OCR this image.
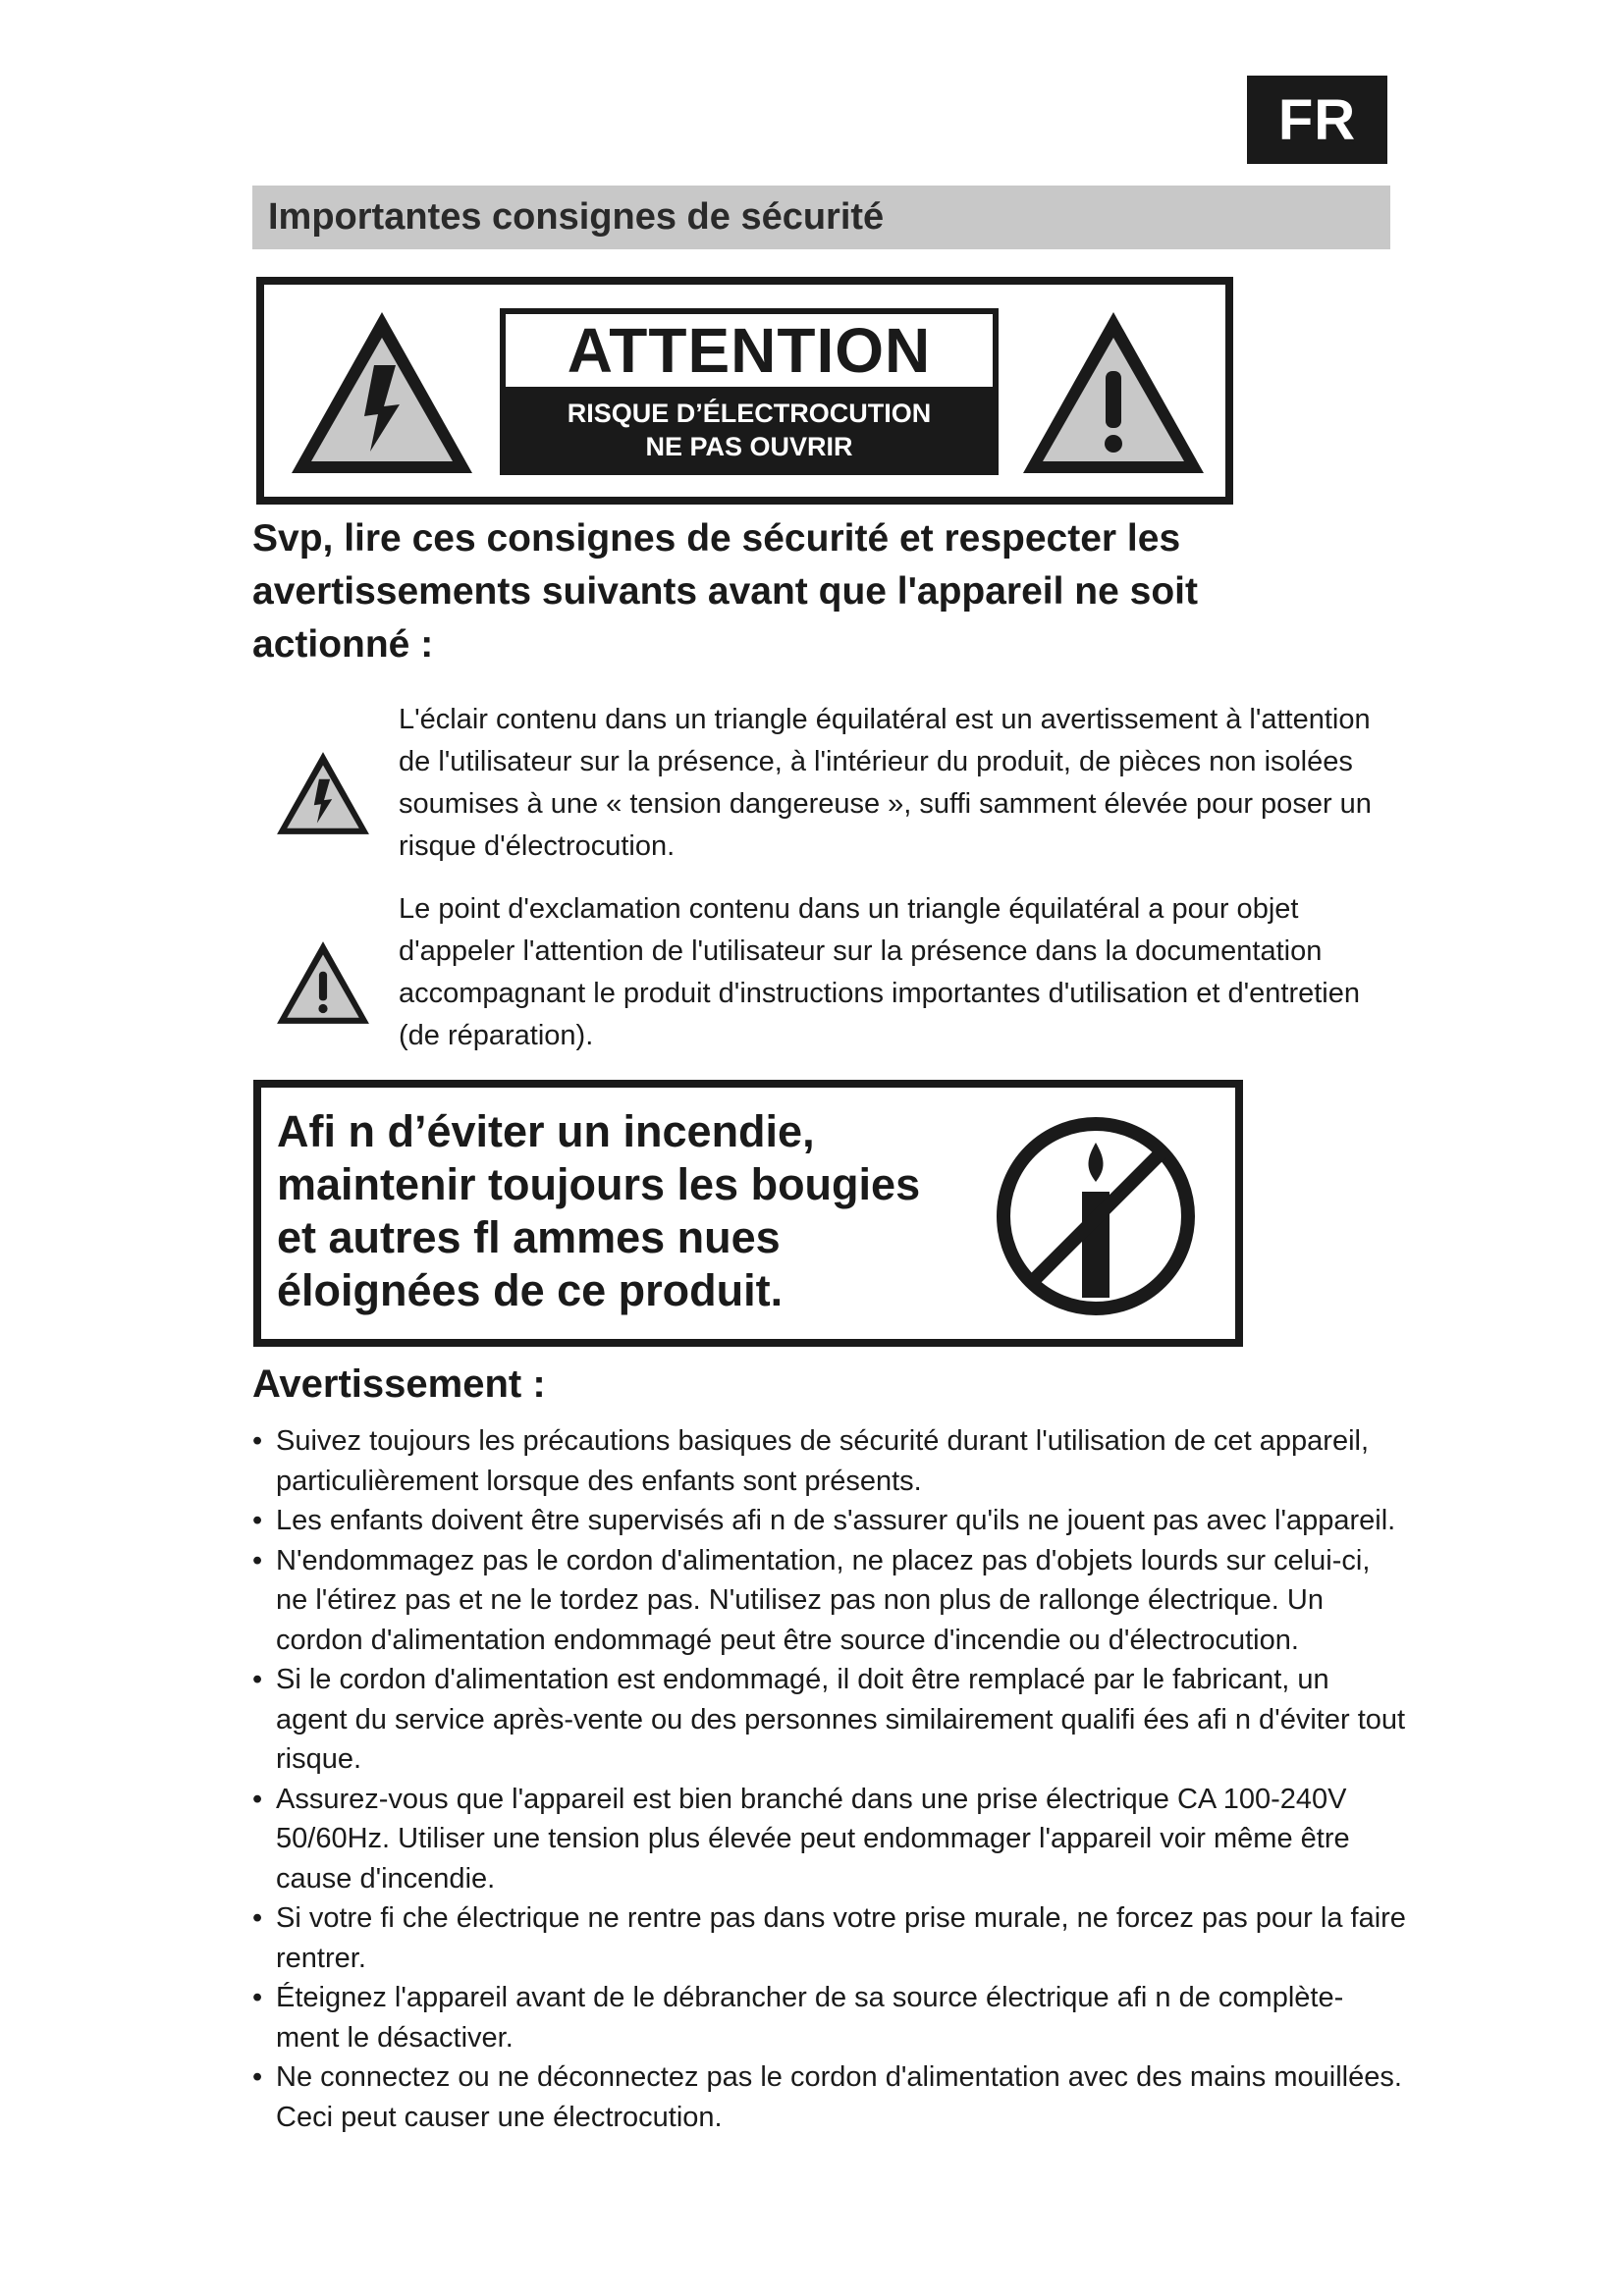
FR
Importantes consignes de sécurité
ATTENTION
RISQUE D’ÉLECTROCUTION
NE PAS OUVRIR

Svp, lire ces consignes de sécurité et respecter les avertissements suivants avant que l'appareil ne soit actionné :

L'éclair contenu dans un triangle équilatéral est un avertissement à l'attention de l'utilisateur sur la présence, à l'intérieur du produit, de pièces non isolées soumises à une « tension dangereuse », suffi samment élevée pour poser un risque d'électrocution.

Le point d'exclamation contenu dans un triangle équilatéral a pour objet d'appeler l'attention de l'utilisateur sur la présence dans la documentation accompagnant le produit d'instructions importantes d'utilisation et d'entretien (de réparation).

Afi n d’éviter un incendie, maintenir toujours les bougies et autres fl ammes nues éloignées de ce produit.

Avertissement :
• Suivez toujours les précautions basiques de sécurité durant l'utilisation de cet appareil, particulièrement lorsque des enfants sont présents.
• Les enfants doivent être supervisés afi n de s'assurer qu'ils ne jouent pas avec l'appareil.
• N'endommagez pas le cordon d'alimentation, ne placez pas d'objets lourds sur celui-ci, ne l'étirez pas et ne le tordez pas. N'utilisez pas non plus de rallonge électrique. Un cordon d'alimentation endommagé peut être source d'incendie ou d'électrocution.
• Si le cordon d'alimentation est endommagé, il doit être remplacé par le fabricant, un agent du service après-vente ou des personnes similairement qualifi ées afi n d'éviter tout risque.
• Assurez-vous que l'appareil est bien branché dans une prise électrique CA 100-240V 50/60Hz. Utiliser une tension plus élevée peut endommager l'appareil voir même être cause d'incendie.
• Si votre fi che électrique ne rentre pas dans votre prise murale, ne forcez pas pour la faire rentrer.
• Éteignez l'appareil avant de le débrancher de sa source électrique afi n de complète-ment le désactiver.
• Ne connectez ou ne déconnectez pas le cordon d'alimentation avec des mains mouillées. Ceci peut causer une électrocution.
